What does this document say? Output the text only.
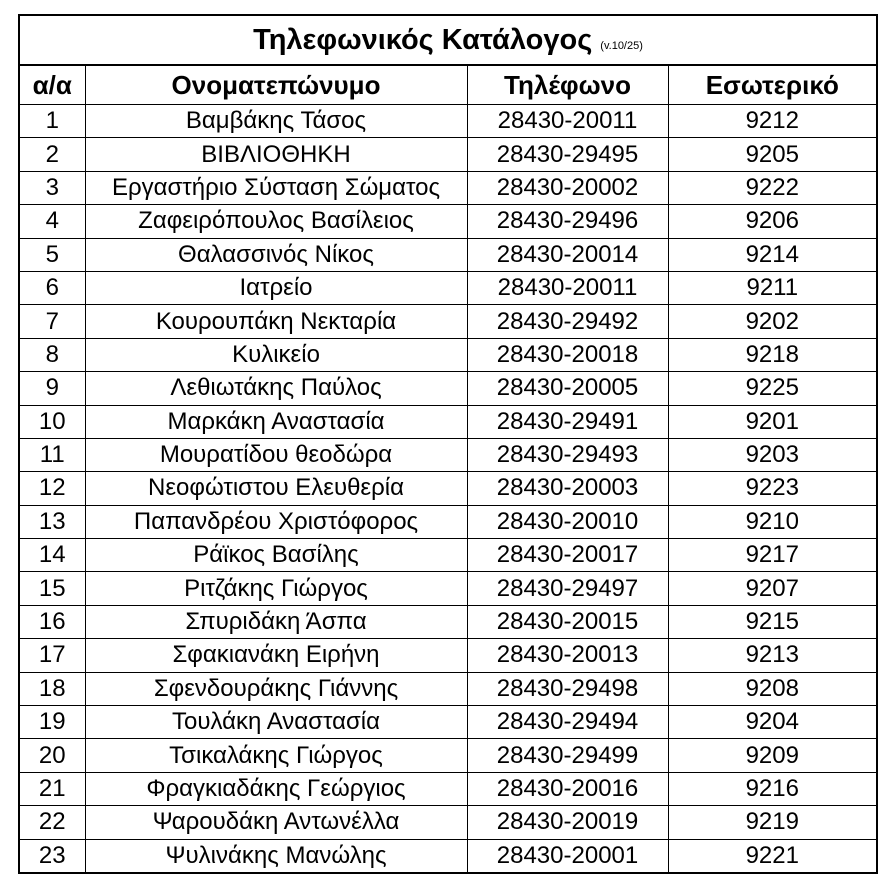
Τηλεφωνικός Κατάλογος (v.10/25)			
α/α	Ονοματεπώνυμο	Τηλέφωνο	Εσωτερικό
1	Βαμβάκης Τάσος	28430-20011	9212
2	ΒΙΒΛΙΟΘΗΚΗ	28430-29495	9205
3	Εργαστήριο Σύσταση Σώματος	28430-20002	9222
4	Ζαφειρόπουλος Βασίλειος	28430-29496	9206
5	Θαλασσινός Νίκος	28430-20014	9214
6	Ιατρείο	28430-20011	9211
7	Κουρουπάκη Νεκταρία	28430-29492	9202
8	Κυλικείο	28430-20018	9218
9	Λεθιωτάκης Παύλος	28430-20005	9225
10	Μαρκάκη Αναστασία	28430-29491	9201
11	Μουρατίδου θεοδώρα	28430-29493	9203
12	Νεοφώτιστου Ελευθερία	28430-20003	9223
13	Παπανδρέου Χριστόφορος	28430-20010	9210
14	Ράϊκος Βασίλης	28430-20017	9217
15	Ριτζάκης Γιώργος	28430-29497	9207
16	Σπυριδάκη Άσπα	28430-20015	9215
17	Σφακιανάκη Ειρήνη	28430-20013	9213
18	Σφενδουράκης Γιάννης	28430-29498	9208
19	Τουλάκη Αναστασία	28430-29494	9204
20	Τσικαλάκης Γιώργος	28430-29499	9209
21	Φραγκιαδάκης Γεώργιος	28430-20016	9216
22	Ψαρουδάκη Αντωνέλλα	28430-20019	9219
23	Ψυλινάκης Μανώλης	28430-20001	9221
